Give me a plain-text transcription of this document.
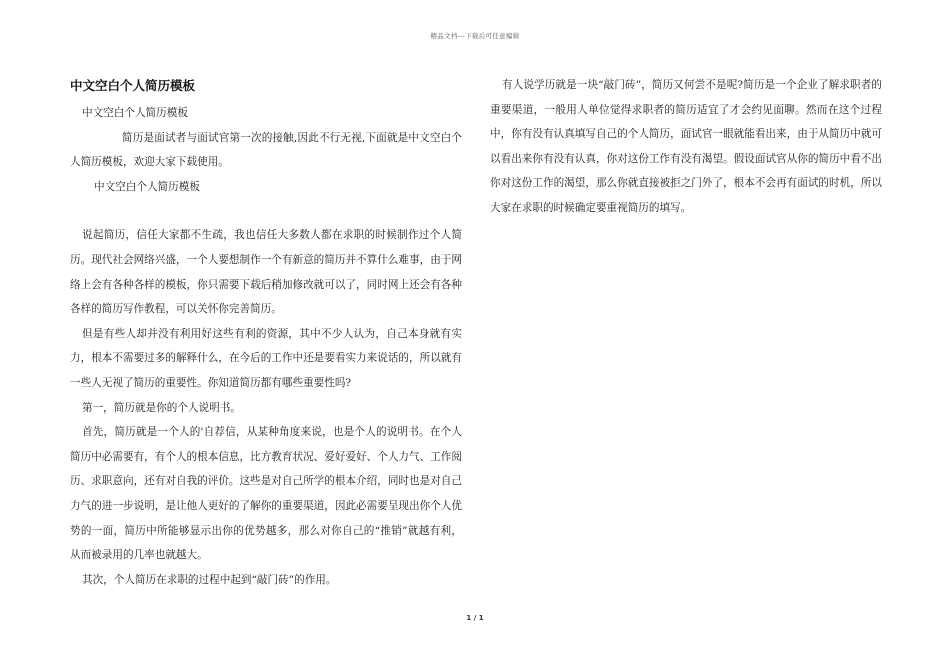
精品文档---下载后可任意编辑
中文空白个人简历模板

中文空白个人简历模板

简历是面试者与面试官第一次的接触,因此不行无视,下面就是中文空白个人简历模板，欢迎大家下载使用。

中文空白个人简历模板

说起简历，信任大家都不生疏，我也信任大多数人都在求职的时候制作过个人简历。现代社会网络兴盛，一个人要想制作一个有新意的简历并不算什么难事，由于网络上会有各种各样的模板，你只需要下载后稍加修改就可以了，同时网上还会有各种各样的简历写作教程，可以关怀你完善简历。

但是有些人却并没有利用好这些有利的资源，其中不少人认为，自己本身就有实力，根本不需要过多的解释什么，在今后的工作中还是要看实力来说话的，所以就有一些人无视了简历的重要性。你知道简历都有哪些重要性吗?

第一，简历就是你的个人说明书。

首先，简历就是一个人的'自荐信，从某种角度来说，也是个人的说明书。在个人简历中必需要有，有个人的根本信息，比方教育状况、爱好爱好、个人力气、工作阅历、求职意向，还有对自我的评价。这些是对自己所学的根本介绍，同时也是对自己力气的进一步说明，是让他人更好的了解你的重要渠道，因此必需要呈现出你个人优势的一面，简历中所能够显示出你的优势越多，那么对你自己的“推销”就越有利，从而被录用的几率也就越大。

其次，个人简历在求职的过程中起到“敲门砖”的作用。

有人说学历就是一块“敲门砖”，简历又何尝不是呢?简历是一个企业了解求职者的重要渠道，一般用人单位觉得求职者的简历适宜了才会约见面聊。然而在这个过程中，你有没有认真填写自己的个人简历，面试官一眼就能看出来，由于从简历中就可以看出来你有没有认真，你对这份工作有没有渴望。假设面试官从你的简历中看不出你对这份工作的渴望，那么你就直接被拒之门外了，根本不会再有面试的时机，所以大家在求职的时候确定要重视简历的填写。

1 / 1
